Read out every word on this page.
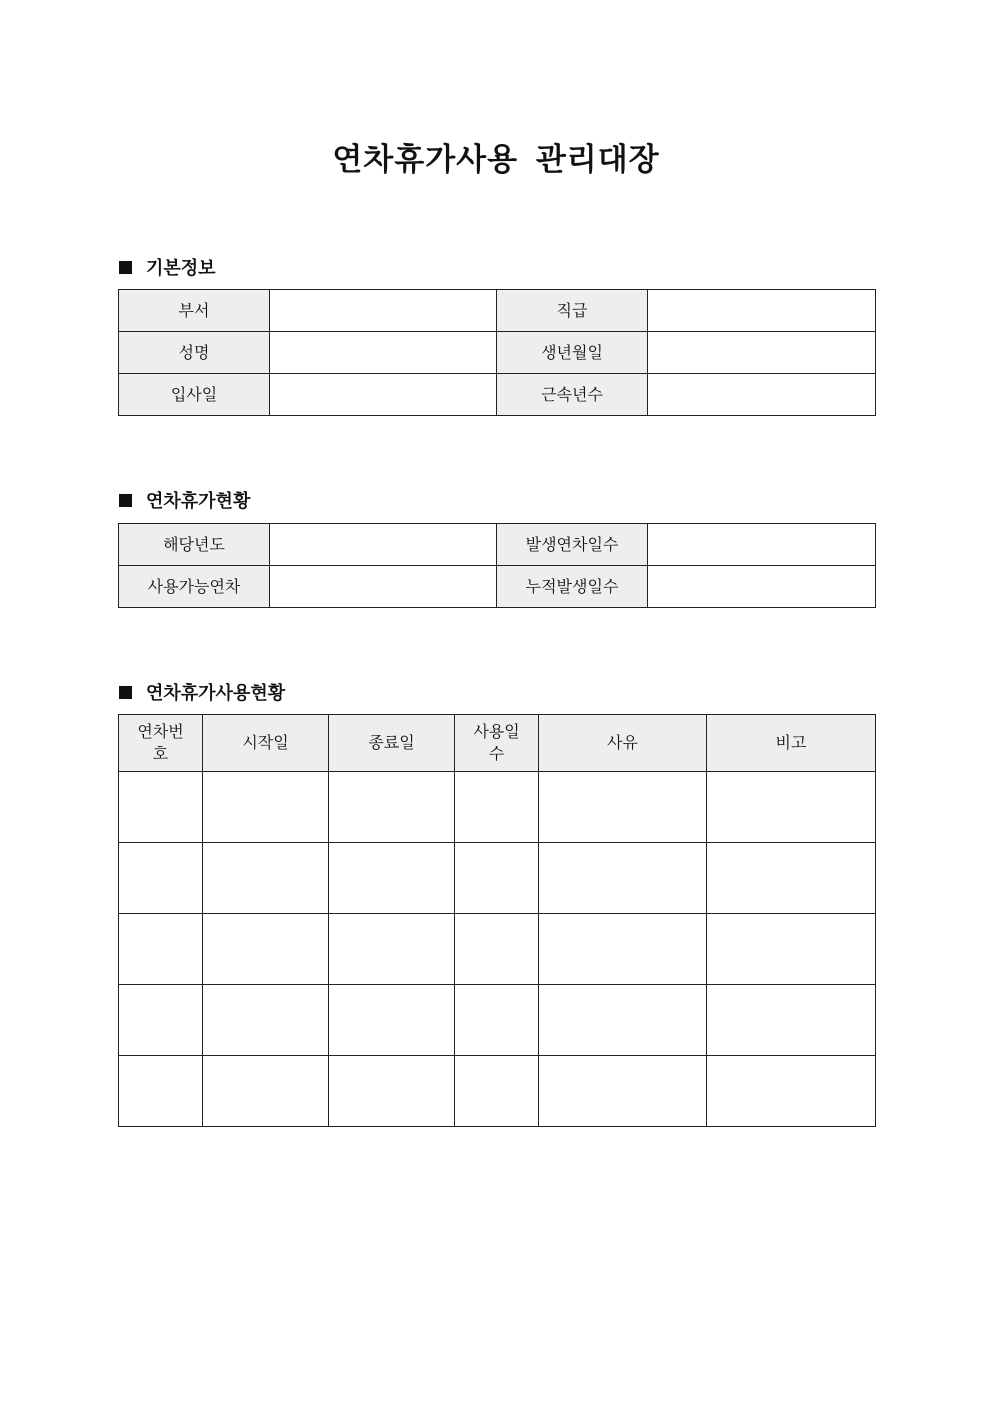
연차휴가사용 관리대장
기본정보
부서		직급	
성명		생년월일	
입사일		근속년수	
연차휴가현황
해당년도		발생연차일수	
사용가능연차		누적발생일수	
연차휴가사용현황
연차번호	시작일	종료일	사용일수	사유	비고
